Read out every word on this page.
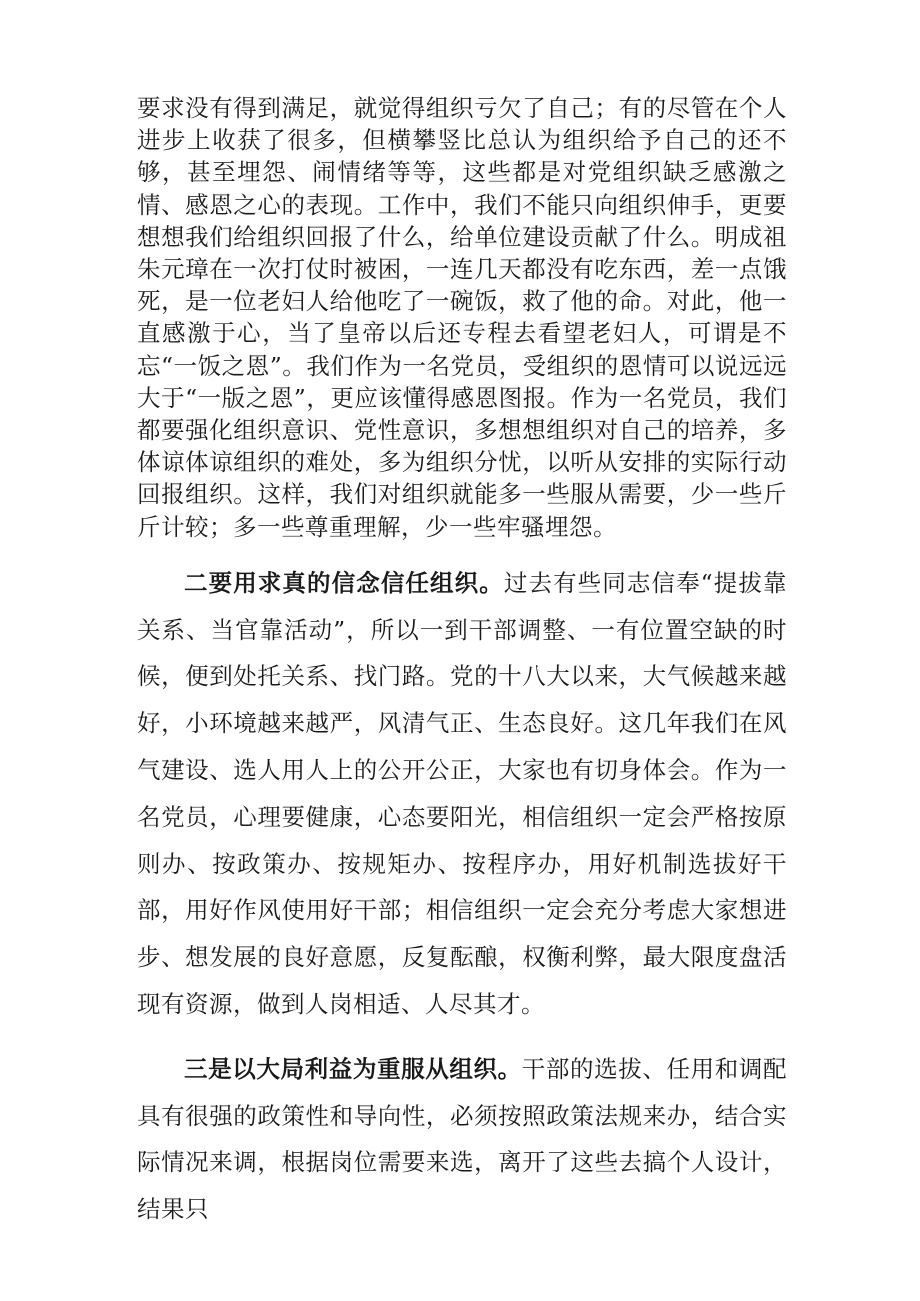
要求没有得到满足，就觉得组织亏欠了自己；有的尽管在个人进步上收获了很多，但横攀竖比总认为组织给予自己的还不够，甚至埋怨、闹情绪等等，这些都是对党组织缺乏感激之情、感恩之心的表现。工作中，我们不能只向组织伸手，更要想想我们给组织回报了什么，给单位建设贡献了什么。明成祖朱元璋在一次打仗时被困，一连几天都没有吃东西，差一点饿死，是一位老妇人给他吃了一碗饭，救了他的命。对此，他一直感激于心，当了皇帝以后还专程去看望老妇人，可谓是不忘“一饭之恩”。我们作为一名党员，受组织的恩情可以说远远大于“一版之恩”，更应该懂得感恩图报。作为一名党员，我们都要强化组织意识、党性意识，多想想组织对自己的培养，多体谅体谅组织的难处，多为组织分忧，以听从安排的实际行动回报组织。这样，我们对组织就能多一些服从需要，少一些斤斤计较；多一些尊重理解，少一些牢骚埋怨。

二要用求真的信念信任组织。过去有些同志信奉“提拔靠关系、当官靠活动”，所以一到干部调整、一有位置空缺的时候，便到处托关系、找门路。党的十八大以来，大气候越来越好，小环境越来越严，风清气正、生态良好。这几年我们在风气建设、选人用人上的公开公正，大家也有切身体会。作为一名党员，心理要健康，心态要阳光，相信组织一定会严格按原则办、按政策办、按规矩办、按程序办，用好机制选拔好干部，用好作风使用好干部；相信组织一定会充分考虑大家想进步、想发展的良好意愿，反复酝酿，权衡利弊，最大限度盘活现有资源，做到人岗相适、人尽其才。

三是以大局利益为重服从组织。干部的选拔、任用和调配具有很强的政策性和导向性，必须按照政策法规来办，结合实际情况来调，根据岗位需要来选，离开了这些去搞个人设计，结果只
